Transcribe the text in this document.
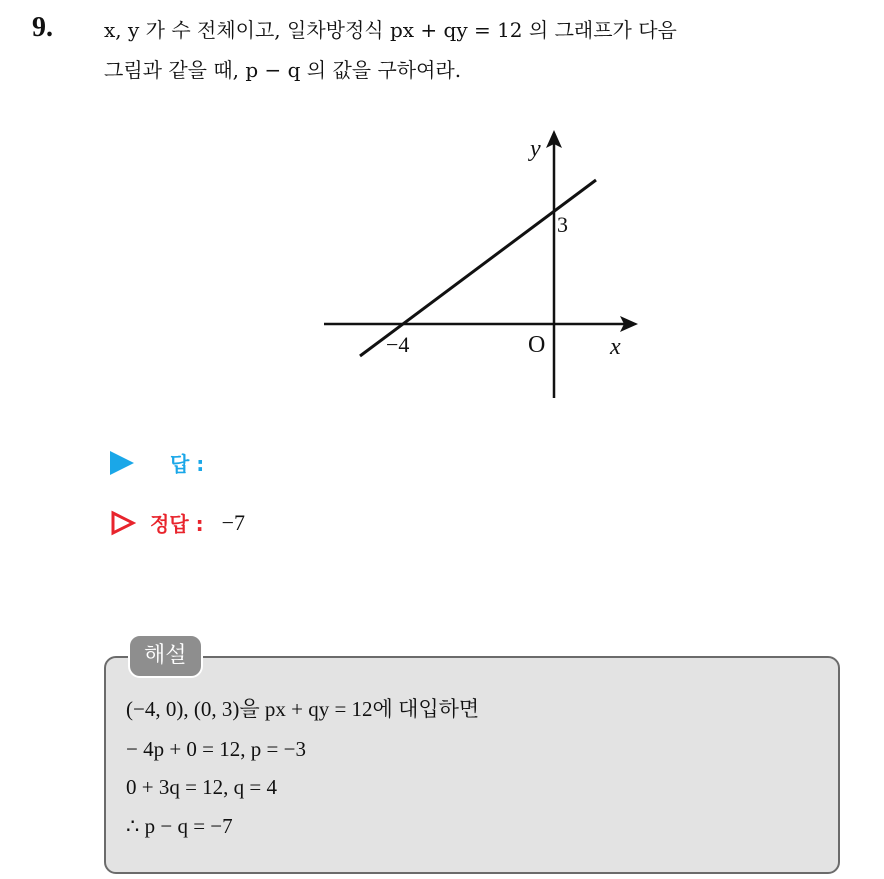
9.	x, y 가 수 전체이고, 일차방정식 px + qy = 12 의 그래프가 다음
그림과 같을 때, p − q 의 값을 구하여라.
y
x
O
3
−4
답 :
정답 : −7
해설
(−4, 0), (0, 3)을 px + qy = 12에 대입하면
− 4p + 0 = 12, p = −3
0 + 3q = 12, q = 4
∴ p − q = −7
